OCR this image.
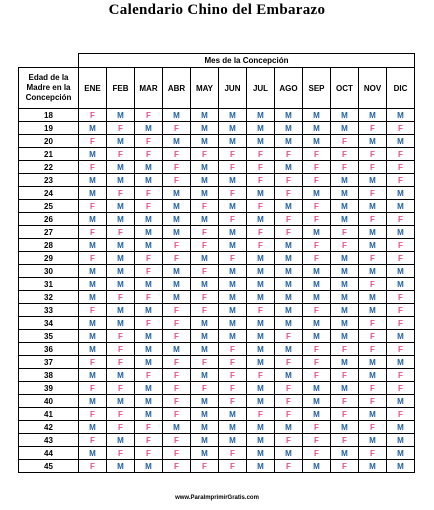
Calendario Chino del Embarazo
	Mes de la Concepción											

Edad de la
Madre en la
Concepción	ENE	FEB	MAR	ABR	MAY	JUN	JUL	AGO	SEP	OCT	NOV	DIC
18	F	M	F	M	M	M	M	M	M	M	M	M
19	M	F	M	F	M	M	M	M	M	M	F	F
20	F	M	F	M	M	M	M	M	M	F	M	M
21	M	F	F	F	F	F	F	F	F	F	F	F
22	F	M	M	F	M	F	F	M	F	F	F	F
23	M	M	M	F	M	M	F	F	F	M	M	F
24	M	F	F	M	M	F	M	F	M	M	F	M
25	F	M	F	M	F	M	F	M	F	M	M	M
26	M	M	M	M	M	F	M	F	F	M	F	F
27	F	F	M	M	F	M	F	F	M	F	M	M
28	M	M	M	F	F	M	F	M	F	F	M	F
29	F	M	F	F	M	F	M	M	F	M	F	F
30	M	M	F	M	F	M	M	M	M	M	M	M
31	M	M	M	M	M	M	M	M	M	M	F	M
32	M	F	F	M	F	M	M	M	M	M	M	F
33	F	M	M	F	F	M	F	M	F	M	M	F
34	M	M	F	F	M	M	M	M	M	M	F	F
35	M	F	M	F	M	M	M	F	M	M	F	M
36	M	F	M	M	M	F	M	M	F	F	F	F
37	F	F	M	F	F	F	M	F	F	M	M	M
38	M	M	F	F	M	F	F	M	F	F	M	F
39	F	F	M	F	F	F	M	F	M	M	F	F
40	M	M	M	F	M	F	M	F	M	F	F	M
41	F	F	M	F	M	M	F	F	M	F	M	F
42	M	F	F	M	M	M	M	M	F	M	F	M
43	F	M	F	F	M	M	M	F	F	F	M	M
44	M	F	F	F	M	F	M	M	F	M	F	M
45	F	M	M	F	F	F	M	F	M	F	M	M
www.ParaImprimirGratis.com
